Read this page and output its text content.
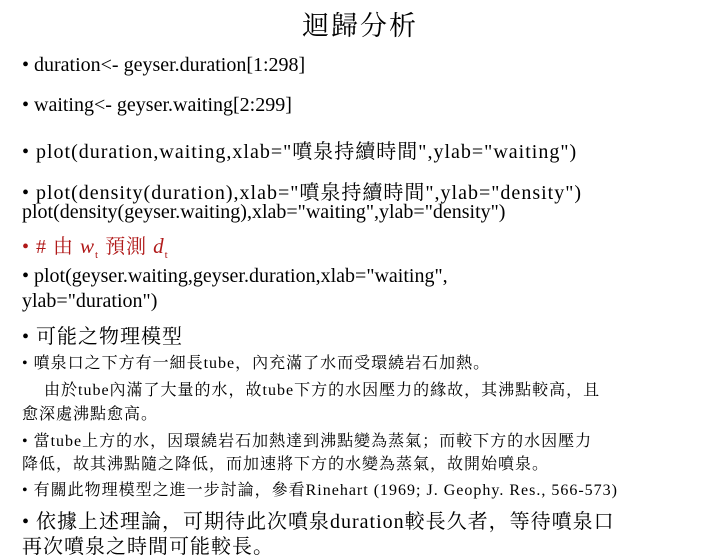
迴歸分析
• duration<- geyser.duration[1:298]
• waiting<- geyser.waiting[2:299]
• plot(duration,waiting,xlab="噴泉持續時間",ylab="waiting")
• plot(density(duration),xlab="噴泉持續時間",ylab="density")
plot(density(geyser.waiting),xlab="waiting",ylab="density")
• # 由 $w_t$ 預測 $d_t$
• plot(geyser.waiting,geyser.duration,xlab="waiting",
ylab="duration")
• 可能之物理模型
• 噴泉口之下方有一細長tube，內充滿了水而受環繞岩石加熱。
由於tube內滿了大量的水，故tube下方的水因壓力的緣故，其沸點較高，且
愈深處沸點愈高。
• 當tube上方的水，因環繞岩石加熱達到沸點變為蒸氣；而較下方的水因壓力
降低，故其沸點隨之降低，而加速將下方的水變為蒸氣，故開始噴泉。
• 有關此物理模型之進一步討論，參看Rinehart (1969; J. Geophy. Res., 566-573)
• 依據上述理論，可期待此次噴泉duration較長久者，等待噴泉口
再次噴泉之時間可能較長。
